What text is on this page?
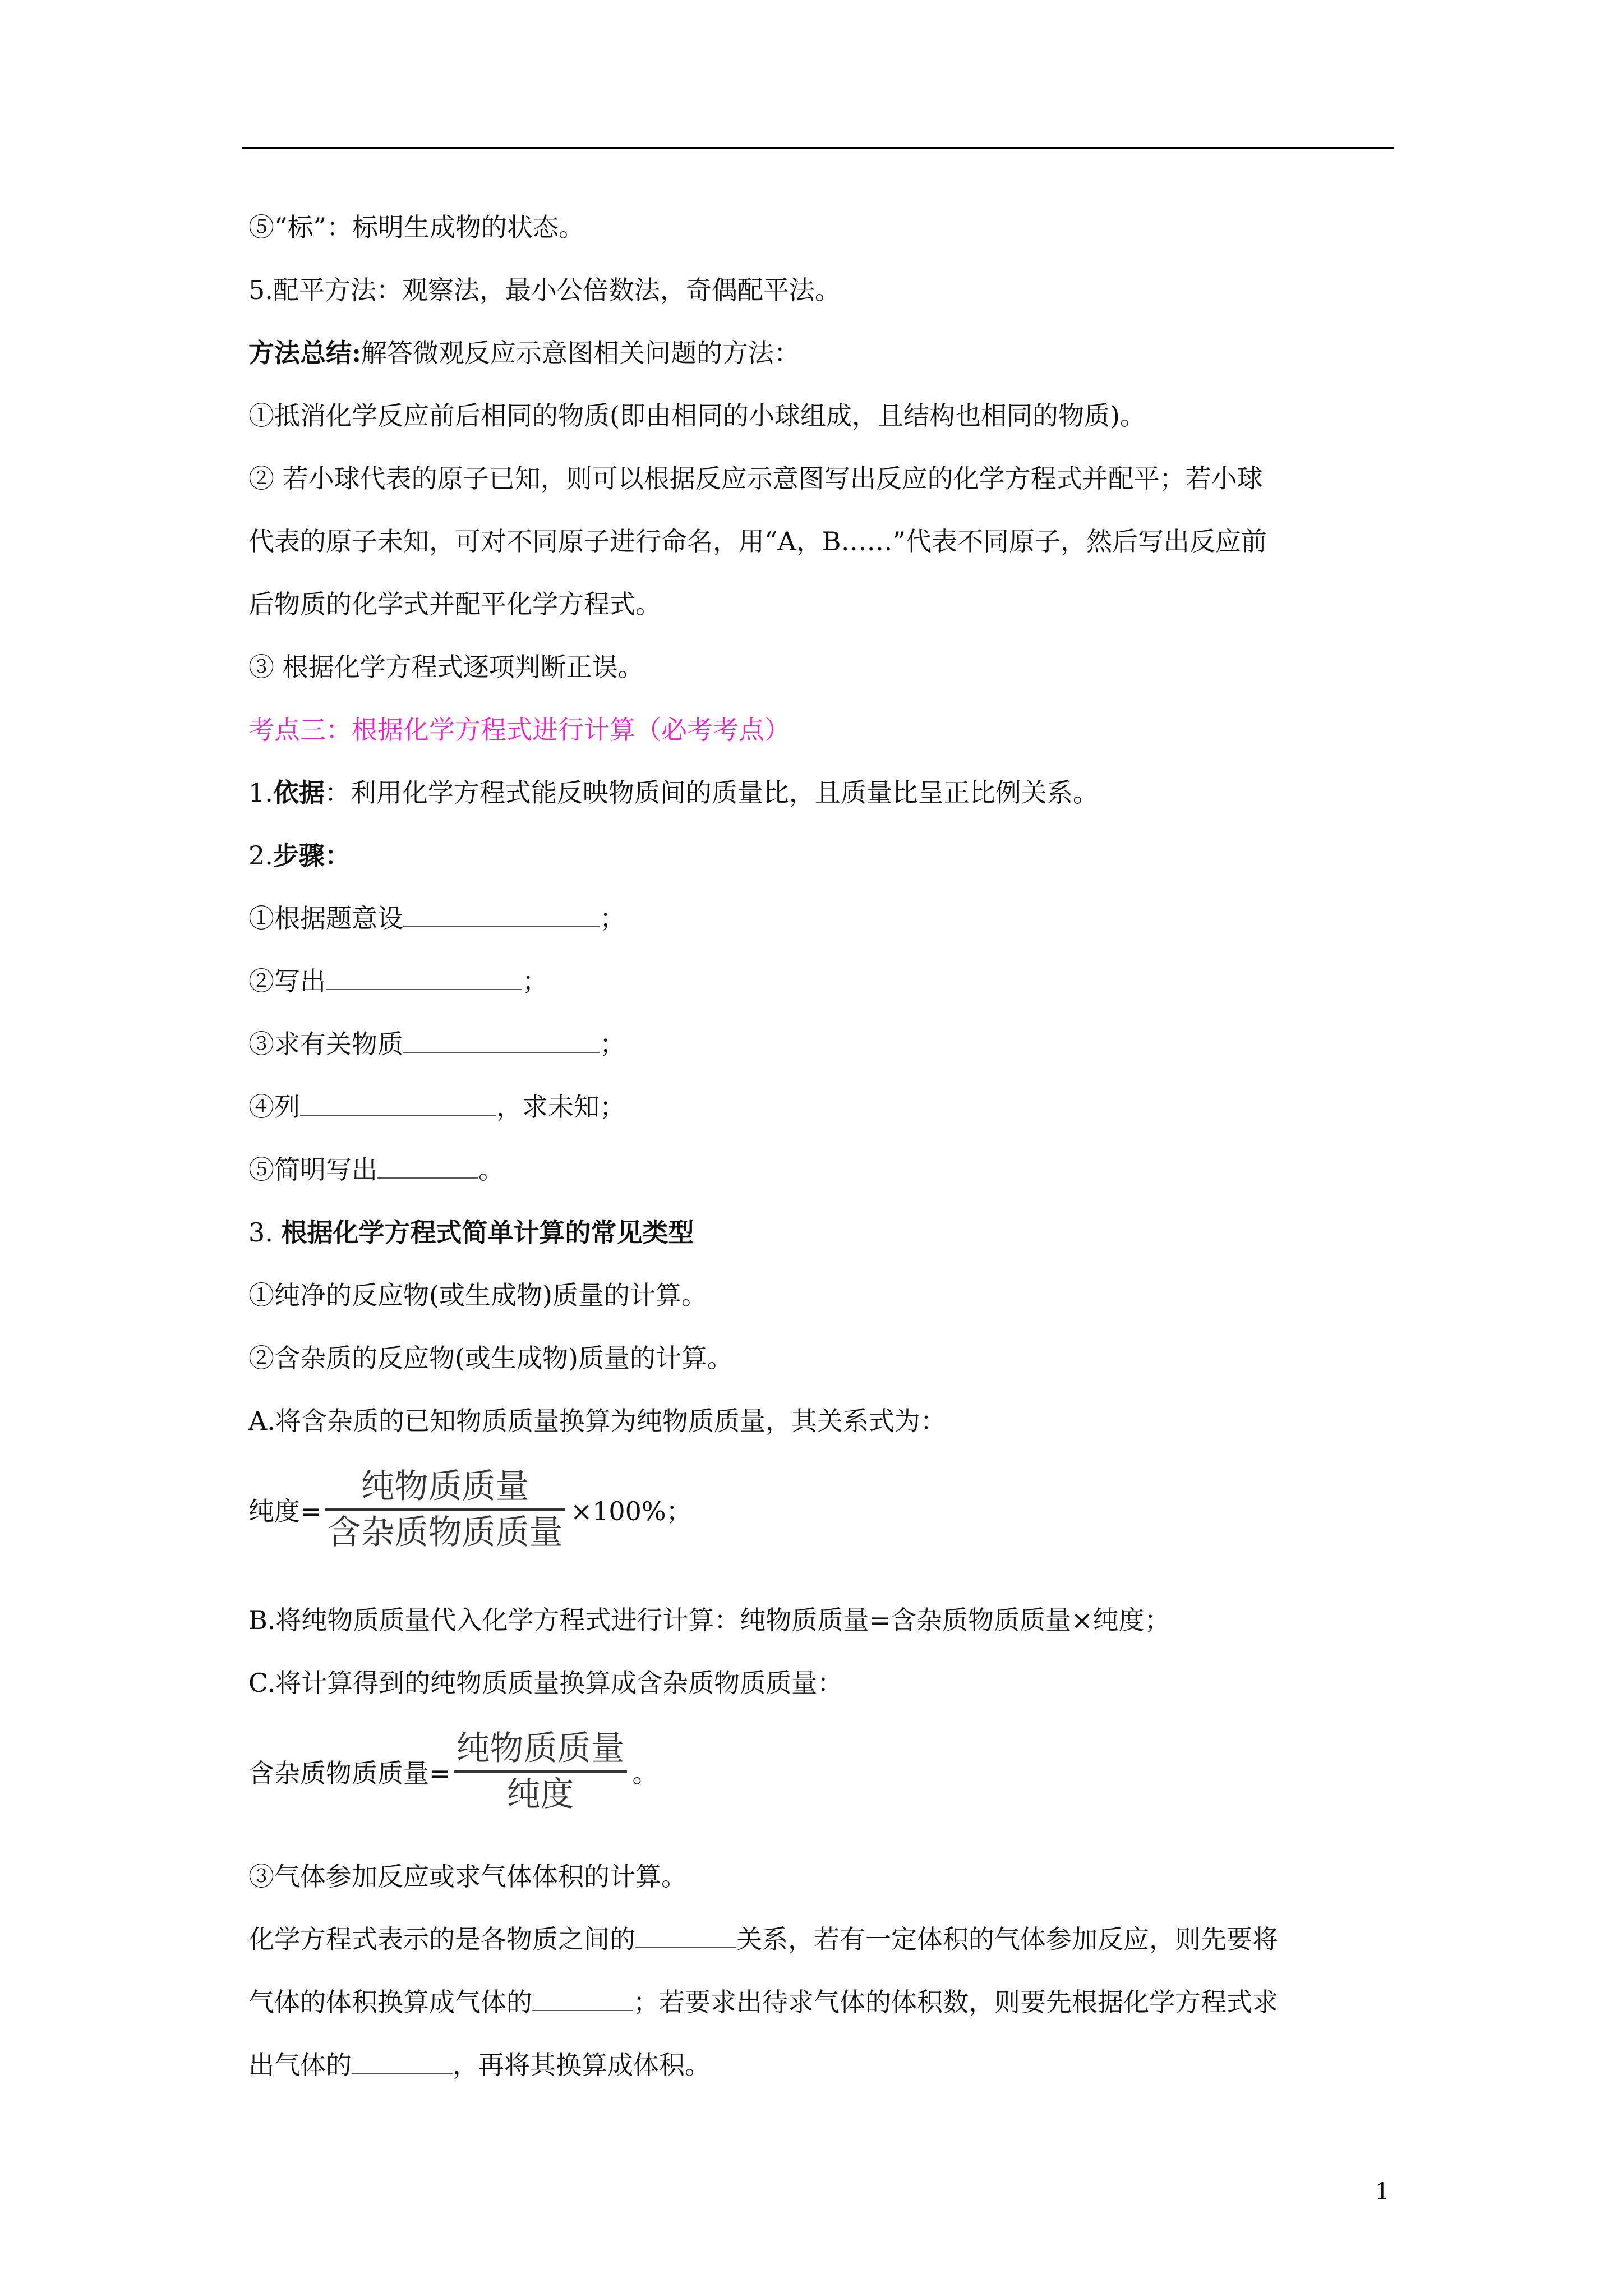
⑤“标”：标明生成物的状态。
5.配平方法：观察法，最小公倍数法，奇偶配平法。
方法总结:解答微观反应示意图相关问题的方法：
①抵消化学反应前后相同的物质(即由相同的小球组成，且结构也相同的物质)。
② 若小球代表的原子已知，则可以根据反应示意图写出反应的化学方程式并配平；若小球
代表的原子未知，可对不同原子进行命名，用“A，B……”代表不同原子，然后写出反应前
后物质的化学式并配平化学方程式。
③ 根据化学方程式逐项判断正误。
考点三：根据化学方程式进行计算（必考考点）
1.依据：利用化学方程式能反映物质间的质量比，且质量比呈正比例关系。
2.步骤：
①根据题意设	；
②写出	；
③求有关物质	；
④列	，求未知；
⑤简明写出	。
3. 根据化学方程式简单计算的常见类型
①纯净的反应物(或生成物)质量的计算。
②含杂质的反应物(或生成物)质量的计算。
A.将含杂质的已知物质质量换算为纯物质质量，其关系式为：
纯度= $\frac{\text{纯物质质量}}{\text{含杂质物质质量}} \times 100\%$；
B.将纯物质质量代入化学方程式进行计算：纯物质质量=含杂质物质质量×纯度；
C.将计算得到的纯物质质量换算成含杂质物质质量：
含杂质物质质量= $\frac{\text{纯物质质量}}{\text{纯度}}$ 。
③气体参加反应或求气体体积的计算。
化学方程式表示的是各物质之间的	关系，若有一定体积的气体参加反应，则先要将
气体的体积换算成气体的	；若要求出待求气体的体积数，则要先根据化学方程式求
出气体的	，再将其换算成体积。
1
